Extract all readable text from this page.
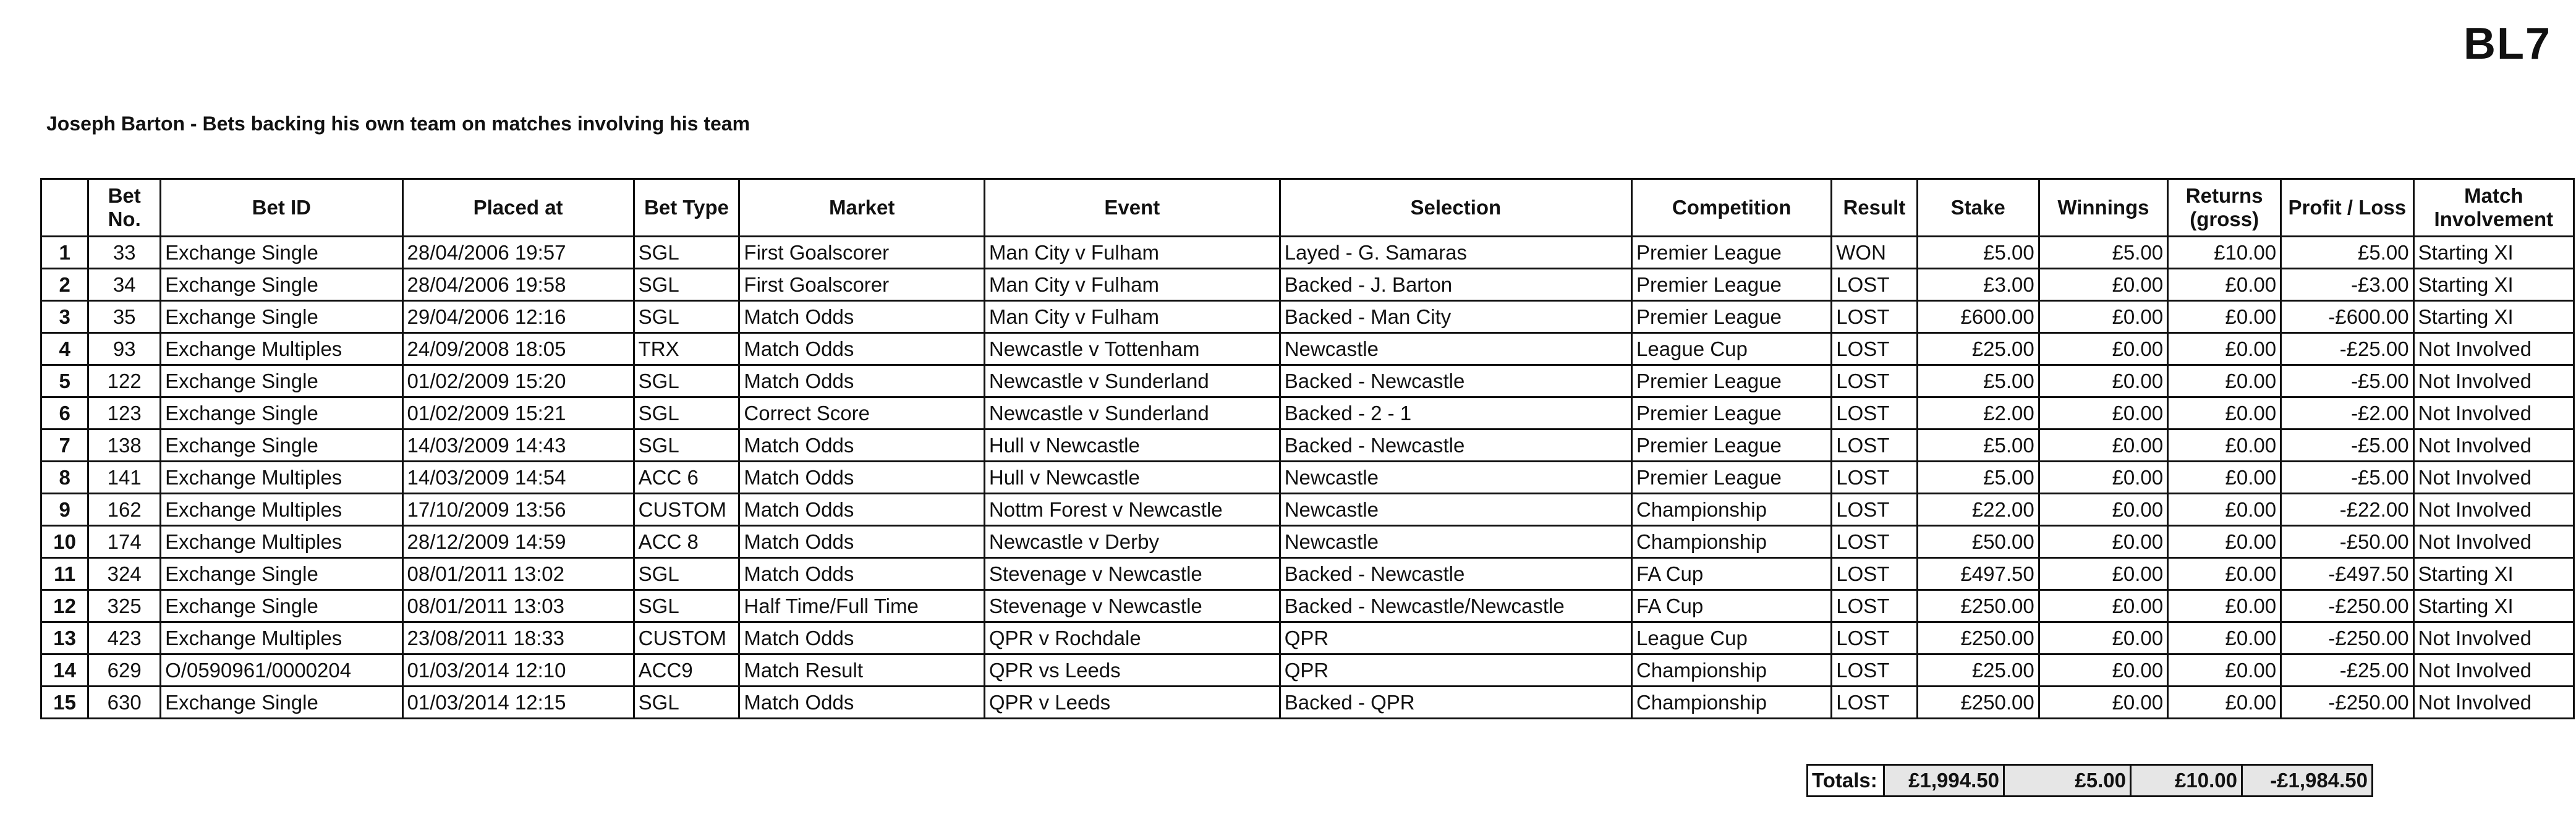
BL7
Joseph Barton - Bets backing his own team on matches involving his team
	Bet No.	Bet ID	Placed at	Bet Type	Market	Event	Selection	Competition	Result	Stake	Winnings	Returns (gross)	Profit / Loss	Match Involvement
1	33	Exchange Single	28/04/2006 19:57	SGL	First Goalscorer	Man City v Fulham	Layed - G. Samaras	Premier League	WON	£5.00	£5.00	£10.00	£5.00	Starting XI
2	34	Exchange Single	28/04/2006 19:58	SGL	First Goalscorer	Man City v Fulham	Backed - J. Barton	Premier League	LOST	£3.00	£0.00	£0.00	-£3.00	Starting XI
3	35	Exchange Single	29/04/2006 12:16	SGL	Match Odds	Man City v Fulham	Backed - Man City	Premier League	LOST	£600.00	£0.00	£0.00	-£600.00	Starting XI
4	93	Exchange Multiples	24/09/2008 18:05	TRX	Match Odds	Newcastle v Tottenham	Newcastle	League Cup	LOST	£25.00	£0.00	£0.00	-£25.00	Not Involved
5	122	Exchange Single	01/02/2009 15:20	SGL	Match Odds	Newcastle v Sunderland	Backed - Newcastle	Premier League	LOST	£5.00	£0.00	£0.00	-£5.00	Not Involved
6	123	Exchange Single	01/02/2009 15:21	SGL	Correct Score	Newcastle v Sunderland	Backed - 2 - 1	Premier League	LOST	£2.00	£0.00	£0.00	-£2.00	Not Involved
7	138	Exchange Single	14/03/2009 14:43	SGL	Match Odds	Hull v Newcastle	Backed - Newcastle	Premier League	LOST	£5.00	£0.00	£0.00	-£5.00	Not Involved
8	141	Exchange Multiples	14/03/2009 14:54	ACC 6	Match Odds	Hull v Newcastle	Newcastle	Premier League	LOST	£5.00	£0.00	£0.00	-£5.00	Not Involved
9	162	Exchange Multiples	17/10/2009 13:56	CUSTOM	Match Odds	Nottm Forest v Newcastle	Newcastle	Championship	LOST	£22.00	£0.00	£0.00	-£22.00	Not Involved
10	174	Exchange Multiples	28/12/2009 14:59	ACC 8	Match Odds	Newcastle v Derby	Newcastle	Championship	LOST	£50.00	£0.00	£0.00	-£50.00	Not Involved
11	324	Exchange Single	08/01/2011 13:02	SGL	Match Odds	Stevenage v Newcastle	Backed - Newcastle	FA Cup	LOST	£497.50	£0.00	£0.00	-£497.50	Starting XI
12	325	Exchange Single	08/01/2011 13:03	SGL	Half Time/Full Time	Stevenage v Newcastle	Backed - Newcastle/Newcastle	FA Cup	LOST	£250.00	£0.00	£0.00	-£250.00	Starting XI
13	423	Exchange Multiples	23/08/2011 18:33	CUSTOM	Match Odds	QPR v Rochdale	QPR	League Cup	LOST	£250.00	£0.00	£0.00	-£250.00	Not Involved
14	629	O/0590961/0000204	01/03/2014 12:10	ACC9	Match Result	QPR vs Leeds	QPR	Championship	LOST	£25.00	£0.00	£0.00	-£25.00	Not Involved
15	630	Exchange Single	01/03/2014 12:15	SGL	Match Odds	QPR v Leeds	Backed - QPR	Championship	LOST	£250.00	£0.00	£0.00	-£250.00	Not Involved
Totals:	£1,994.50	£5.00	£10.00	-£1,984.50
